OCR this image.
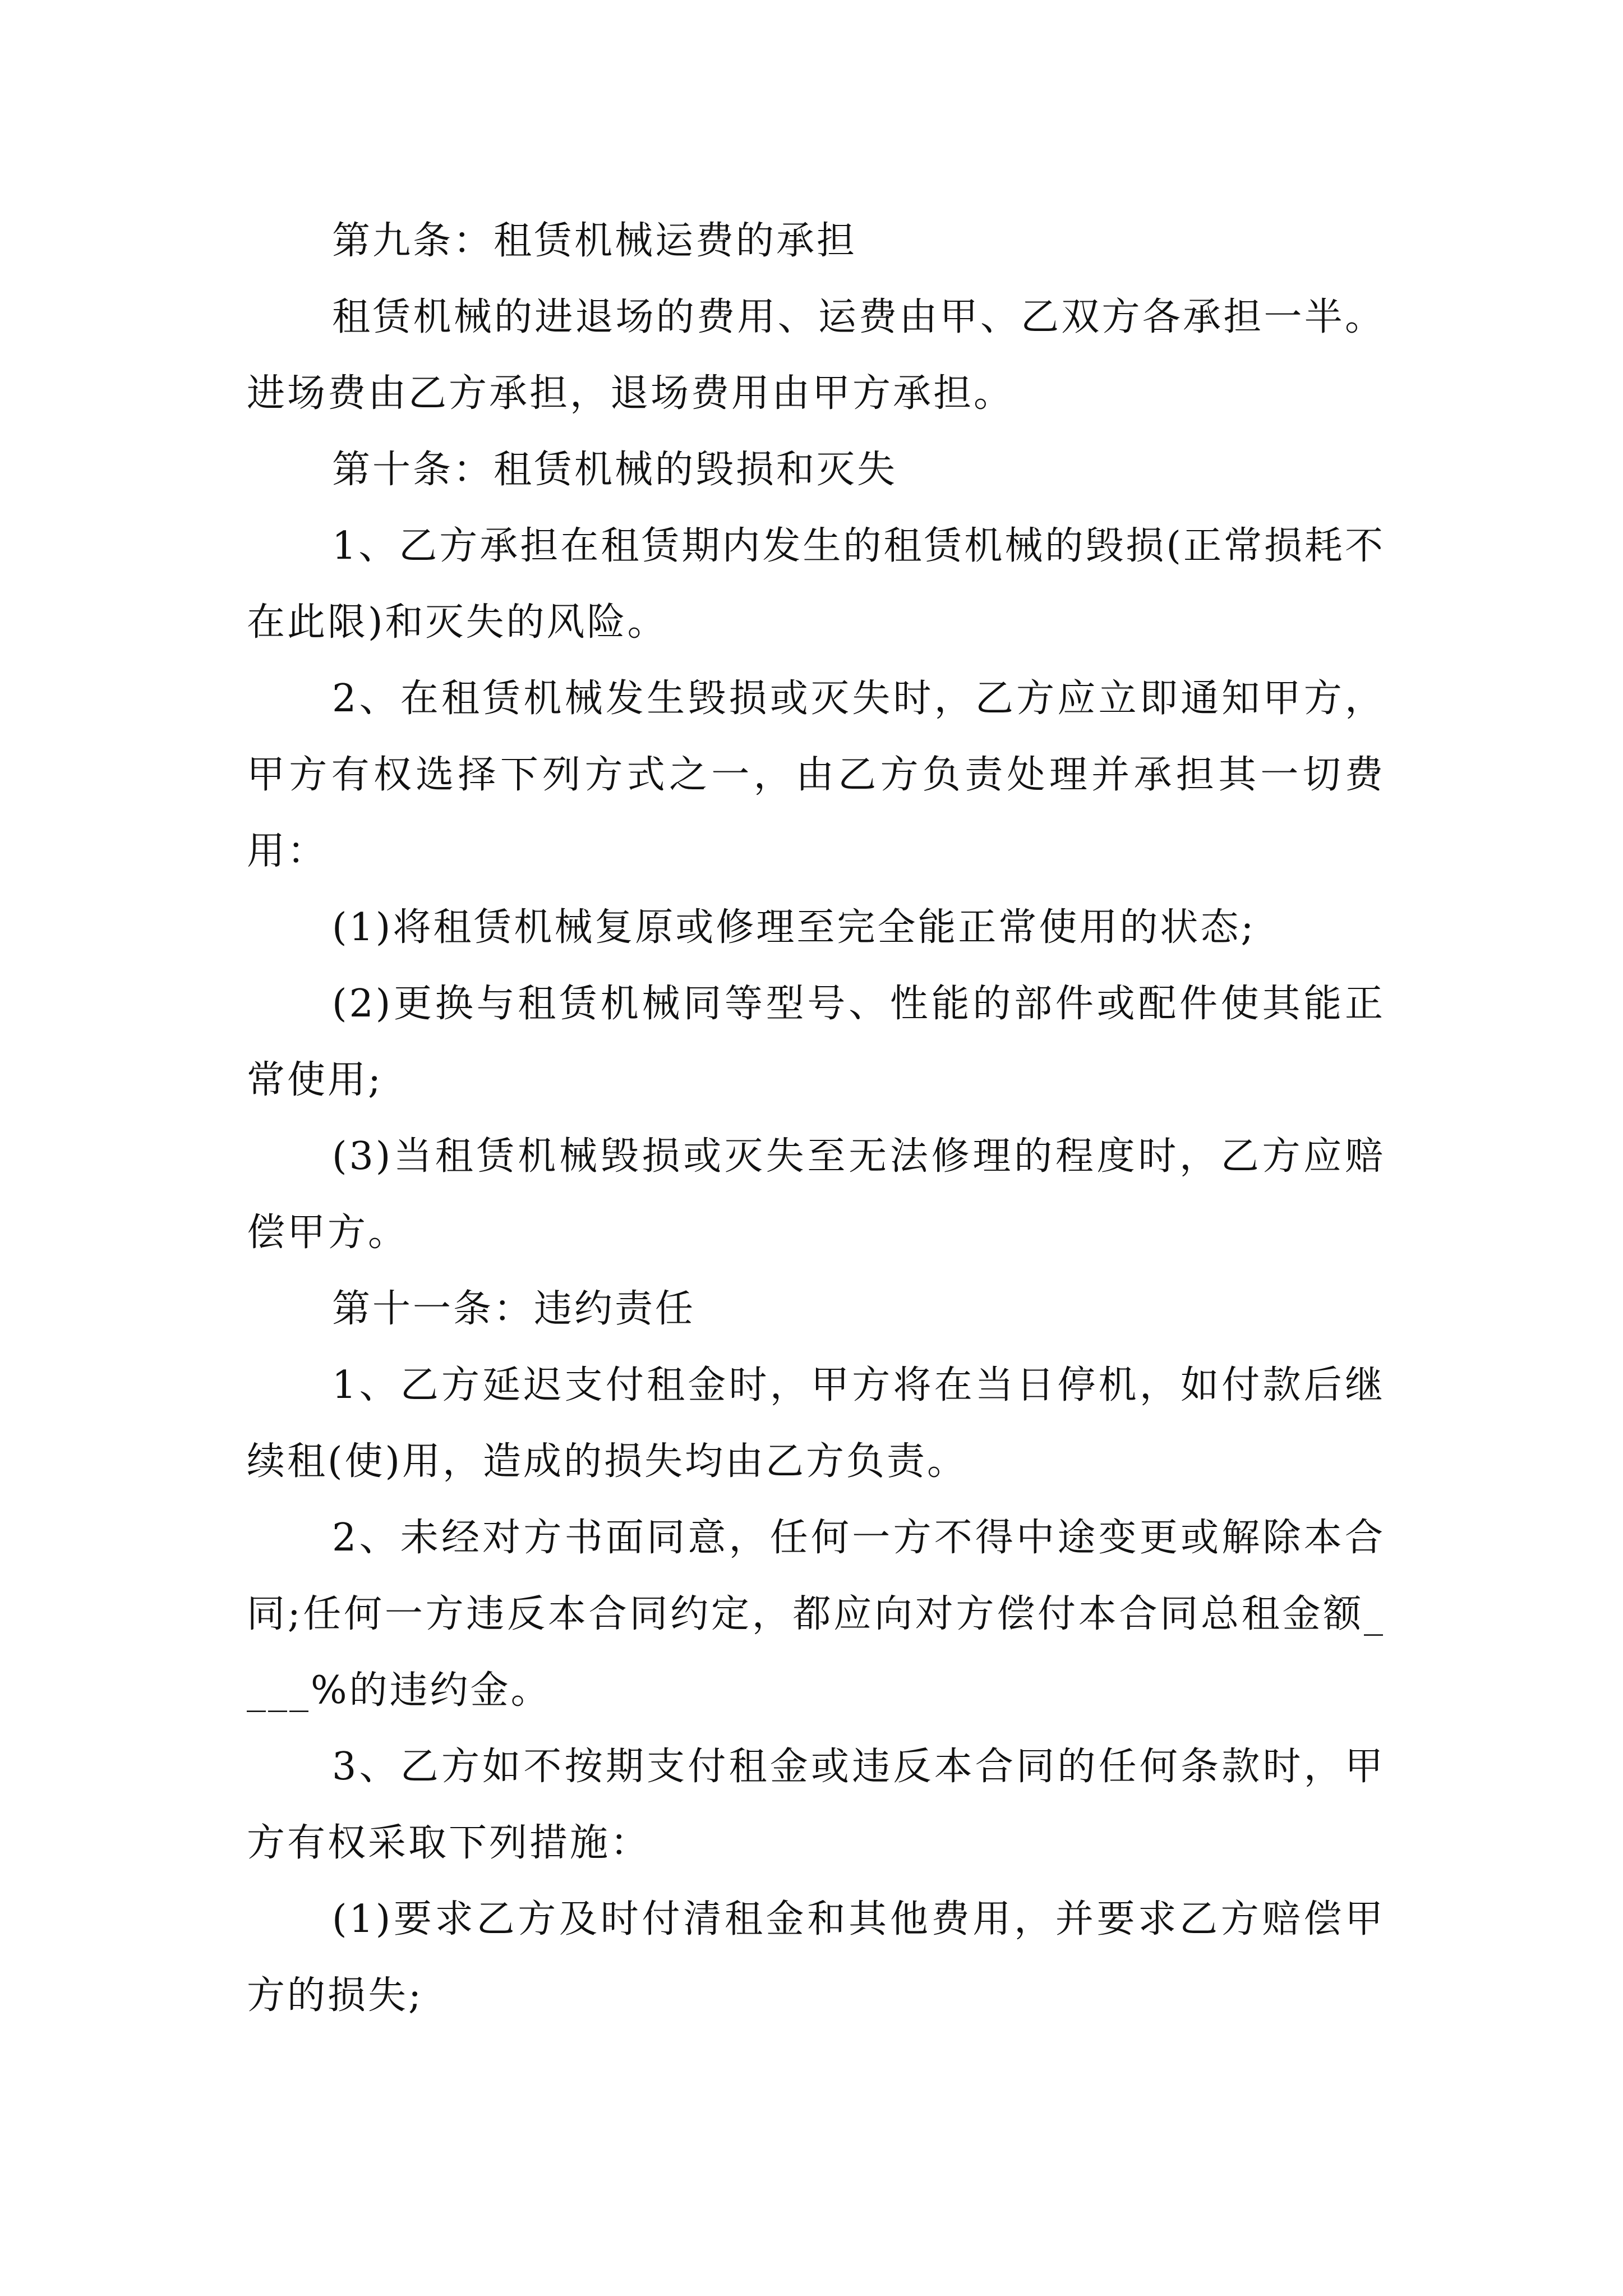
第九条：租赁机械运费的承担

租赁机械的进退场的费用、运费由甲、乙双方各承担一半。进场费由乙方承担，退场费用由甲方承担。

第十条：租赁机械的毁损和灭失

1、乙方承担在租赁期内发生的租赁机械的毁损(正常损耗不在此限)和灭失的风险。

2、在租赁机械发生毁损或灭失时，乙方应立即通知甲方，甲方有权选择下列方式之一，由乙方负责处理并承担其一切费用：

(1)将租赁机械复原或修理至完全能正常使用的状态;

(2)更换与租赁机械同等型号、性能的部件或配件使其能正常使用;

(3)当租赁机械毁损或灭失至无法修理的程度时，乙方应赔偿甲方。

第十一条：违约责任

1、乙方延迟支付租金时，甲方将在当日停机，如付款后继续租(使)用，造成的损失均由乙方负责。

2、未经对方书面同意，任何一方不得中途变更或解除本合同;任何一方违反本合同约定，都应向对方偿付本合同总租金额____%的违约金。

3、乙方如不按期支付租金或违反本合同的任何条款时，甲方有权采取下列措施：

(1)要求乙方及时付清租金和其他费用，并要求乙方赔偿甲方的损失;
